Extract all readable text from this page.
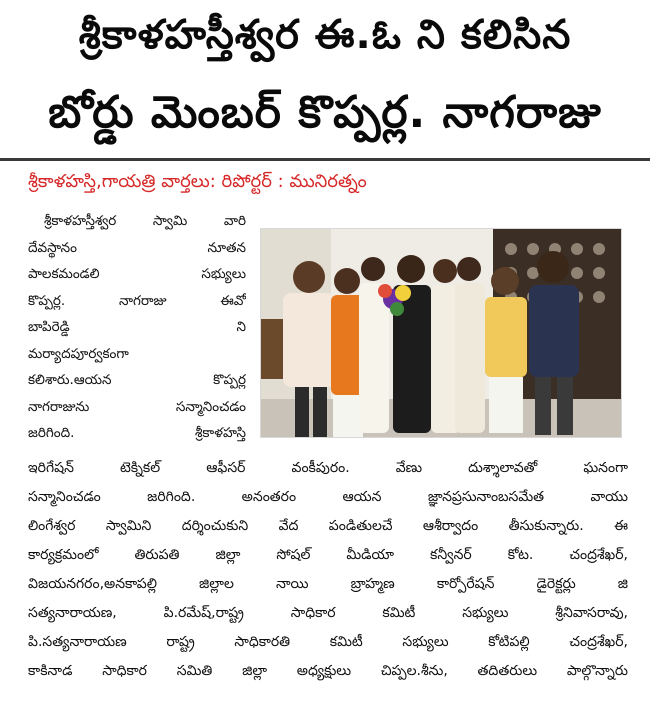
శ్రీకాళహస్తీశ్వర ఈ.ఓ ని కలిసిన
బోర్డు మెంబర్ కొప్పర్ల. నాగరాజు
శ్రీకాళహస్తి,గాయత్రి వార్తలు: రిపోర్టర్ : మునిరత్నం
శ్రీకాళహస్తీశ్వర స్వామి వారి
దేవస్థానం నూతన
పాలకమండలి సభ్యులు
కొప్పర్ల. నాగరాజు ఈవో
బాపిరెడ్డి ని
మర్యాదపూర్వకంగా
కలిశారు.ఆయన కొప్పర్ల
నాగరాజును సన్మానించడం
జరిగింది. శ్రీకాళహస్తి
ఇరిగేషన్ టెక్నికల్ ఆఫీసర్ వంకీపురం. వేణు దుశ్శాలావతో ఘనంగా
సన్మానించడం జరిగింది. అనంతరం ఆయన జ్ఞానప్రసునాంబసమేత వాయు
లింగేశ్వర స్వామిని దర్శించుకుని వేద పండితులచే ఆశీర్వాదం తీసుకున్నారు. ఈ
కార్యక్రమంలో తిరుపతి జిల్లా సోషల్ మీడియా కన్వీనర్ కోట. చంద్రశేఖర్,
విజయనగరం,అనకాపల్లి జిల్లాల నాయి బ్రాహ్మణ కార్పోరేషన్ డైరెక్టర్లు జి
సత్యనారాయణ, పి.రమేష్,రాష్ట్ర సాధికార కమిటీ సభ్యులు శ్రీనివాసరావు,
పి.సత్యనారాయణ రాష్ట్ర సాధికారతి కమిటీ సభ్యులు కోటిపల్లి చంద్రశేఖర్,
కాకినాడ సాధికార సమితి జిల్లా అధ్యక్షులు చిప్పల.శీను, తదితరులు పాల్గొన్నారు
